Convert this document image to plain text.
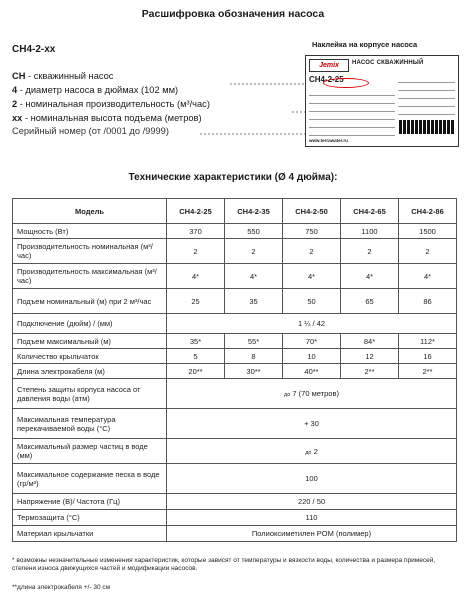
Расшифровка обозначения насоса
CH4-2-xx
CH - скважинный насос
4 - диаметр насоса в дюймах (102 мм)
2 - номинальная производительность (м³/час)
xx - номинальная высота подъема (метров)
Серийный номер (от /0001 до /9999)
Наклейка на корпусе насоса
Jemix	НАСОС СКВАЖИННЫЙ
CH4-2-25
www.terrawater.ru
Технические характеристики (Ø 4 дюйма):
Модель	CH4-2-25	CH4-2-35	CH4-2-50	CH4-2-65	CH4-2-86
Мощность (Вт)	370	550	750	1100	1500
Производительность номинальная (м³/час)	2	2	2	2	2
Производительность максимальная (м³/час)	4*	4*	4*	4*	4*
Подъем номинальный (м) при 2 м³/час	25	35	50	65	86
Подключение (дюйм) / (мм)	1 ¼ / 42				
Подъем максимальный (м)	35*	55*	70*	84*	112*
Количество крыльчаток	5	8	10	12	16
Длина электрокабеля (м)	20**	30**	40**	2**	2**
Степень защиты корпуса насоса от давления воды (атм)	до 7 (70 метров)				
Максимальная температура перекачиваемой воды (°C)	+ 30				
Максимальный размер частиц в воде (мм)	до 2				
Максимальное содержание песка в воде (гр/м³)	100				
Напряжение (В)/ Частота (Гц)	220 / 50				
Термозащита (°C)	110				
Материал крыльчатки	Полиоксиметилен POM (полимер)				
* возможны незначительные изменения характеристик, которые зависят от температуры и вязкости воды, количества и размера примесей, степени износа движущихся частей и модификации насосов.
**длина электрокабеля +/- 30 см
